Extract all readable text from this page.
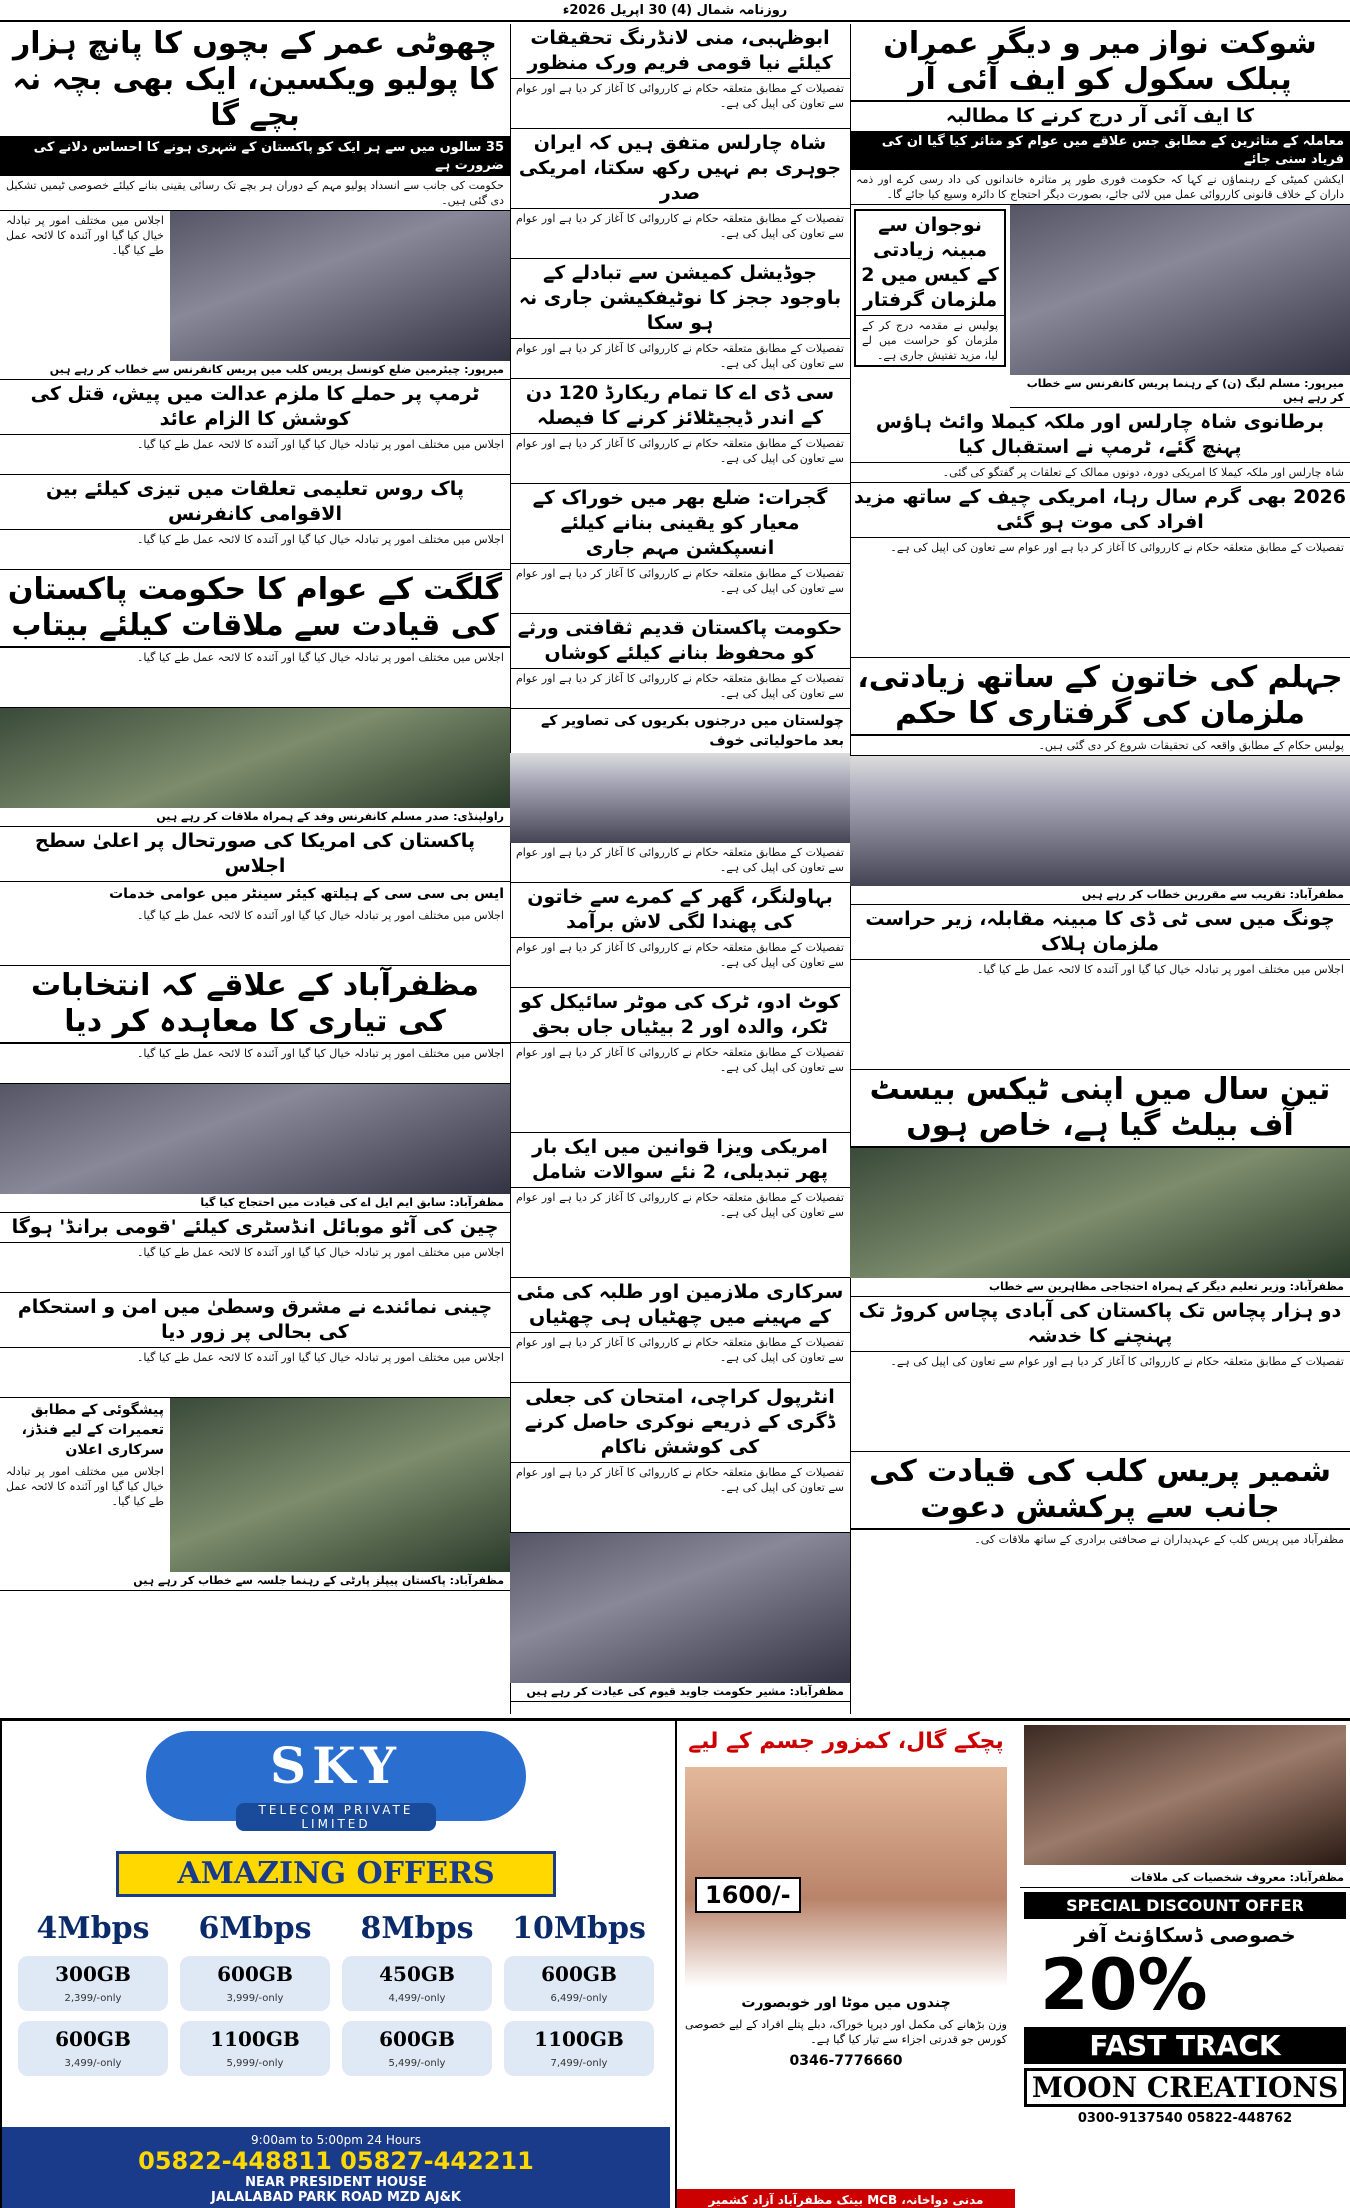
روزنامہ شمال (4) 30 اپریل 2026ء
شوکت نواز میر و دیگر عمران پبلک سکول کو ایف آئی آر
کا ایف آئی آر درج کرنے کا مطالبہ
معاملہ کے متاثرین کے مطابق جس علاقے میں عوام کو متاثر کیا گیا ان کی فریاد سنی جائے
ایکشن کمیٹی کے رہنماؤں نے کہا کہ حکومت فوری طور پر متاثرہ خاندانوں کی داد رسی کرے اور ذمہ داران کے خلاف قانونی کارروائی عمل میں لائی جائے، بصورت دیگر احتجاج کا دائرہ وسیع کیا جائے گا۔
میرپور: مسلم لیگ (ن) کے رہنما پریس کانفرنس سے خطاب کر رہے ہیں
نوجوان سے مبینہ زیادتی کے کیس میں 2 ملزمان گرفتار
پولیس نے مقدمہ درج کر کے ملزمان کو حراست میں لے لیا، مزید تفتیش جاری ہے۔
برطانوی شاہ چارلس اور ملکہ کیملا وائٹ ہاؤس پہنچ گئے، ٹرمپ نے استقبال کیا
شاہ چارلس اور ملکہ کیملا کا امریکی دورہ، دونوں ممالک کے تعلقات پر گفتگو کی گئی۔
2026 بھی گرم سال رہا، امریکی چیف کے ساتھ مزید افراد کی موت ہو گئی
تفصیلات کے مطابق متعلقہ حکام نے کارروائی کا آغاز کر دیا ہے اور عوام سے تعاون کی اپیل کی ہے۔
جہلم کی خاتون کے ساتھ زیادتی، ملزمان کی گرفتاری کا حکم
پولیس حکام کے مطابق واقعہ کی تحقیقات شروع کر دی گئی ہیں۔
مظفرآباد: تقریب سے مقررین خطاب کر رہے ہیں
چونگ میں سی ٹی ڈی کا مبینہ مقابلہ، زیر حراست ملزمان ہلاک
اجلاس میں مختلف امور پر تبادلہ خیال کیا گیا اور آئندہ کا لائحہ عمل طے کیا گیا۔
تین سال میں اپنی ٹیکس بیسٹ آف بیلٹ گیا ہے، خاص ہوں
مظفرآباد: وزیر تعلیم دیگر کے ہمراہ احتجاجی مظاہرین سے خطاب
دو ہزار پچاس تک پاکستان کی آبادی پچاس کروڑ تک پہنچنے کا خدشہ
تفصیلات کے مطابق متعلقہ حکام نے کارروائی کا آغاز کر دیا ہے اور عوام سے تعاون کی اپیل کی ہے۔
شمیر پریس کلب کی قیادت کی جانب سے پرکشش دعوت
مظفرآباد میں پریس کلب کے عہدیداران نے صحافتی برادری کے ساتھ ملاقات کی۔
ابوظہبی، منی لانڈرنگ تحقیقات کیلئے نیا قومی فریم ورک منظور
تفصیلات کے مطابق متعلقہ حکام نے کارروائی کا آغاز کر دیا ہے اور عوام سے تعاون کی اپیل کی ہے۔
شاہ چارلس متفق ہیں کہ ایران جوہری بم نہیں رکھ سکتا، امریکی صدر
تفصیلات کے مطابق متعلقہ حکام نے کارروائی کا آغاز کر دیا ہے اور عوام سے تعاون کی اپیل کی ہے۔
جوڈیشل کمیشن سے تبادلے کے باوجود ججز کا نوٹیفکیشن جاری نہ ہو سکا
تفصیلات کے مطابق متعلقہ حکام نے کارروائی کا آغاز کر دیا ہے اور عوام سے تعاون کی اپیل کی ہے۔
سی ڈی اے کا تمام ریکارڈ 120 دن کے اندر ڈیجیٹلائز کرنے کا فیصلہ
تفصیلات کے مطابق متعلقہ حکام نے کارروائی کا آغاز کر دیا ہے اور عوام سے تعاون کی اپیل کی ہے۔
گجرات: ضلع بھر میں خوراک کے معیار کو یقینی بنانے کیلئے انسپکشن مہم جاری
تفصیلات کے مطابق متعلقہ حکام نے کارروائی کا آغاز کر دیا ہے اور عوام سے تعاون کی اپیل کی ہے۔
حکومت پاکستان قدیم ثقافتی ورثے کو محفوظ بنانے کیلئے کوشاں
تفصیلات کے مطابق متعلقہ حکام نے کارروائی کا آغاز کر دیا ہے اور عوام سے تعاون کی اپیل کی ہے۔
چولستان میں درجنوں بکریوں کی تصاویر کے بعد ماحولیاتی خوف
تفصیلات کے مطابق متعلقہ حکام نے کارروائی کا آغاز کر دیا ہے اور عوام سے تعاون کی اپیل کی ہے۔
بہاولنگر، گھر کے کمرے سے خاتون کی پھندا لگی لاش برآمد
تفصیلات کے مطابق متعلقہ حکام نے کارروائی کا آغاز کر دیا ہے اور عوام سے تعاون کی اپیل کی ہے۔
کوٹ ادو، ٹرک کی موٹر سائیکل کو ٹکر، والدہ اور 2 بیٹیاں جاں بحق
تفصیلات کے مطابق متعلقہ حکام نے کارروائی کا آغاز کر دیا ہے اور عوام سے تعاون کی اپیل کی ہے۔
امریکی ویزا قوانین میں ایک بار پھر تبدیلی، 2 نئے سوالات شامل
تفصیلات کے مطابق متعلقہ حکام نے کارروائی کا آغاز کر دیا ہے اور عوام سے تعاون کی اپیل کی ہے۔
سرکاری ملازمین اور طلبہ کی مئی کے مہینے میں چھٹیاں ہی چھٹیاں
تفصیلات کے مطابق متعلقہ حکام نے کارروائی کا آغاز کر دیا ہے اور عوام سے تعاون کی اپیل کی ہے۔
انٹرپول کراچی، امتحان کی جعلی ڈگری کے ذریعے نوکری حاصل کرنے کی کوشش ناکام
تفصیلات کے مطابق متعلقہ حکام نے کارروائی کا آغاز کر دیا ہے اور عوام سے تعاون کی اپیل کی ہے۔
مظفرآباد: مشیر حکومت جاوید قیوم کی عیادت کر رہے ہیں
چھوٹی عمر کے بچوں کا پانچ ہزار کا پولیو ویکسین، ایک بھی بچہ نہ بچے گا
35 سالوں میں سے ہر ایک کو پاکستان کے شہری ہونے کا احساس دلانے کی ضرورت ہے
حکومت کی جانب سے انسداد پولیو مہم کے دوران ہر بچے تک رسائی یقینی بنانے کیلئے خصوصی ٹیمیں تشکیل دی گئی ہیں۔
اجلاس میں مختلف امور پر تبادلہ خیال کیا گیا اور آئندہ کا لائحہ عمل طے کیا گیا۔
میرپور: چیئرمین ضلع کونسل پریس کلب میں پریس کانفرنس سے خطاب کر رہے ہیں
ٹرمپ پر حملے کا ملزم عدالت میں پیش، قتل کی کوشش کا الزام عائد
اجلاس میں مختلف امور پر تبادلہ خیال کیا گیا اور آئندہ کا لائحہ عمل طے کیا گیا۔
پاک روس تعلیمی تعلقات میں تیزی کیلئے بین الاقوامی کانفرنس
اجلاس میں مختلف امور پر تبادلہ خیال کیا گیا اور آئندہ کا لائحہ عمل طے کیا گیا۔
گلگت کے عوام کا حکومت پاکستان کی قیادت سے ملاقات کیلئے بیتاب
اجلاس میں مختلف امور پر تبادلہ خیال کیا گیا اور آئندہ کا لائحہ عمل طے کیا گیا۔
راولپنڈی: صدر مسلم کانفرنس وفد کے ہمراہ ملاقات کر رہے ہیں
پاکستان کی امریکا کی صورتحال پر اعلیٰ سطح اجلاس
ایس بی سی سی کے ہیلتھ کیئر سینٹر میں عوامی خدمات
اجلاس میں مختلف امور پر تبادلہ خیال کیا گیا اور آئندہ کا لائحہ عمل طے کیا گیا۔
مظفرآباد کے علاقے کہ انتخابات کی تیاری کا معاہدہ کر دیا
اجلاس میں مختلف امور پر تبادلہ خیال کیا گیا اور آئندہ کا لائحہ عمل طے کیا گیا۔
مظفرآباد: سابق ایم ایل اے کی قیادت میں احتجاج کیا گیا
چین کی آٹو موبائل انڈسٹری کیلئے 'قومی برانڈ' ہوگا
اجلاس میں مختلف امور پر تبادلہ خیال کیا گیا اور آئندہ کا لائحہ عمل طے کیا گیا۔
چینی نمائندے نے مشرق وسطیٰ میں امن و استحکام کی بحالی پر زور دیا
اجلاس میں مختلف امور پر تبادلہ خیال کیا گیا اور آئندہ کا لائحہ عمل طے کیا گیا۔
پیشگوئی کے مطابق تعمیرات کے لیے فنڈز، سرکاری اعلان
اجلاس میں مختلف امور پر تبادلہ خیال کیا گیا اور آئندہ کا لائحہ عمل طے کیا گیا۔
مظفرآباد: پاکستان پیپلز پارٹی کے رہنما جلسہ سے خطاب کر رہے ہیں
SKY
TELECOM PRIVATE LIMITED
AMAZING OFFERS
4Mbps
300GB
2,399/-only
600GB
3,499/-only
6Mbps
600GB
3,999/-only
1100GB
5,999/-only
8Mbps
450GB
4,499/-only
600GB
5,499/-only
10Mbps
600GB
6,499/-only
1100GB
7,499/-only
9:00am to 5:00pm 24 Hours
05822-448811 05827-442211
NEAR PRESIDENT HOUSE
JALALABAD PARK ROAD MZD AJ&K
پچکے گال، کمزور جسم کے لیے
1600/-
چندوں میں موٹا اور خوبصورت
وزن بڑھانے کی مکمل اور دیرپا خوراک، دبلے پتلے افراد کے لیے خصوصی کورس جو قدرتی اجزاء سے تیار کیا گیا ہے۔
0346-7776660
مدنی دواخانہ، MCB بینک مظفرآباد آزاد کشمیر
مظفرآباد: معروف شخصیات کی ملاقات
SPECIAL DISCOUNT OFFER
خصوصی ڈسکاؤنٹ آفر
20%
FAST TRACK
MOON CREATIONS
0300-9137540 05822-448762
